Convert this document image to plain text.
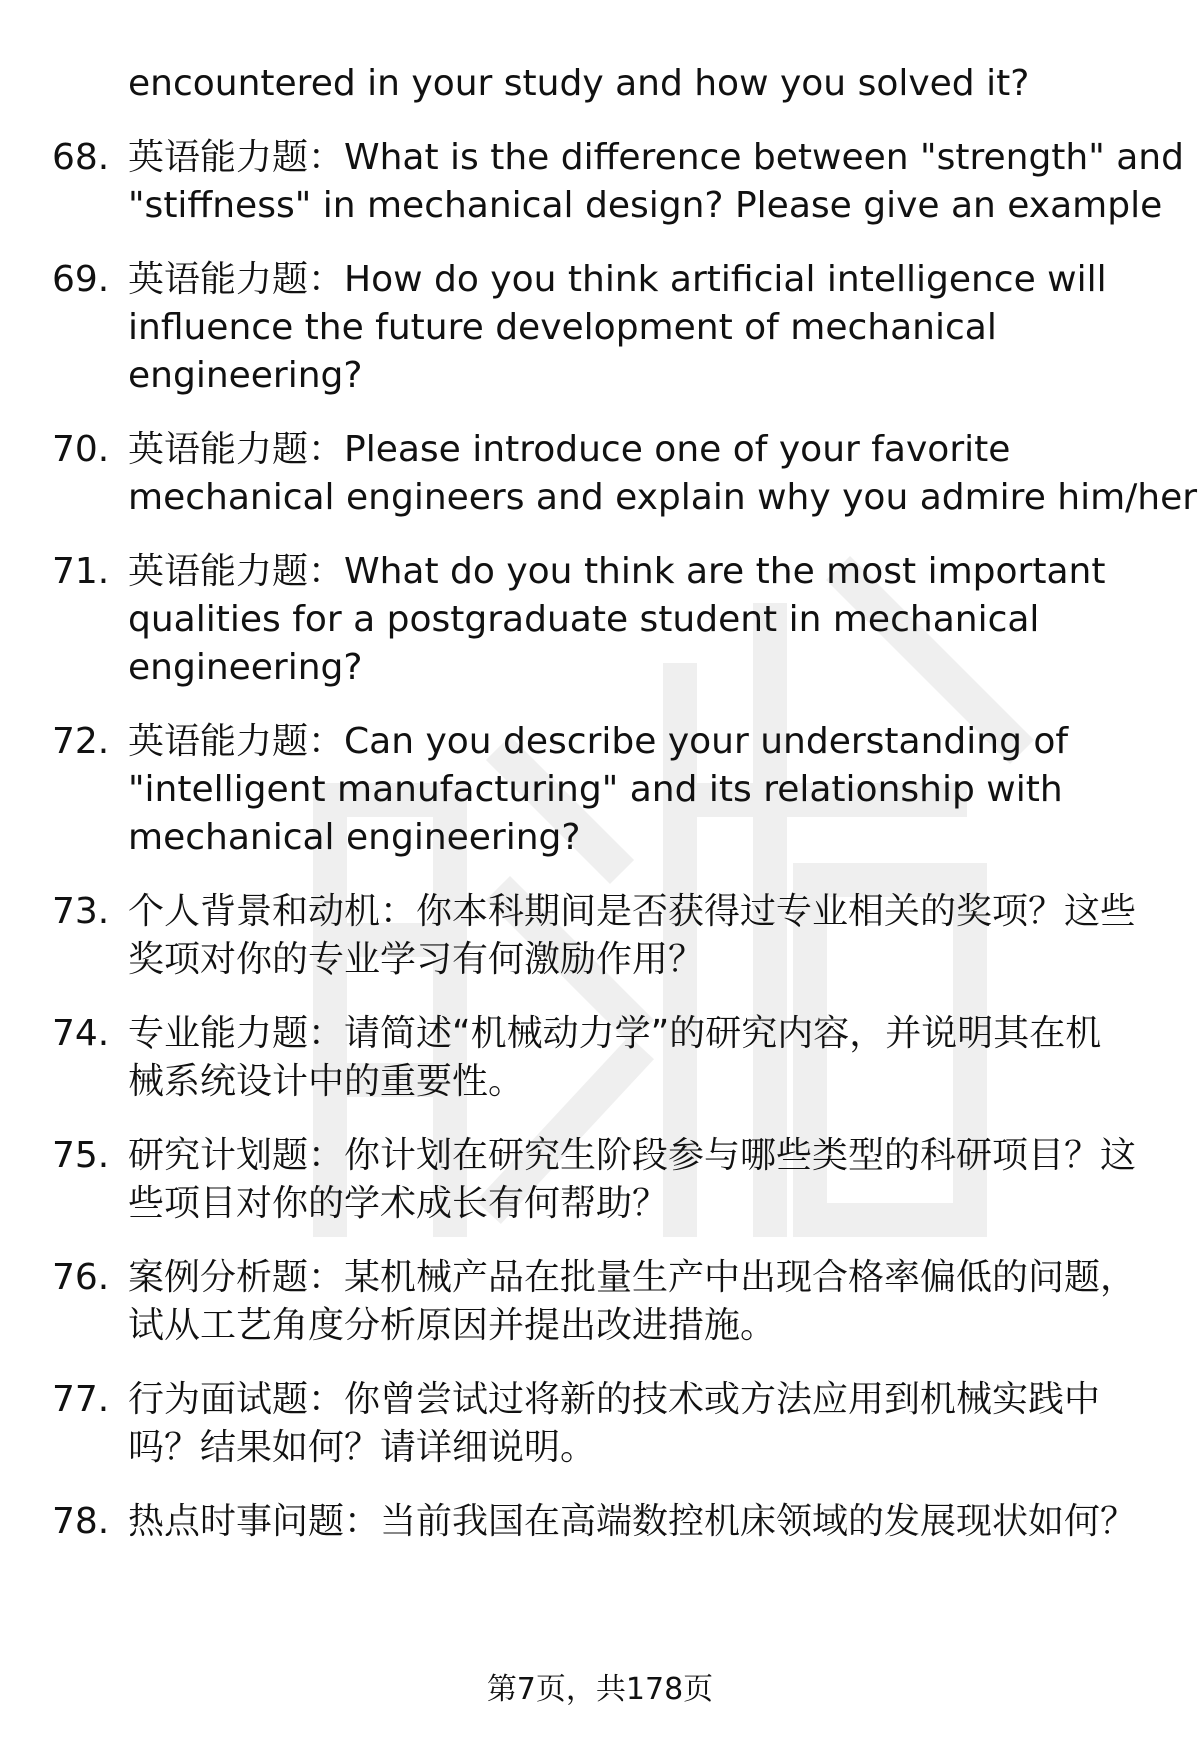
encountered in your study and how you solved it?
68. 英语能力题：What is the difference between "strength" and
"stiffness" in mechanical design? Please give an example
69. 英语能力题：How do you think artificial intelligence will
influence the future development of mechanical
engineering?
70. 英语能力题：Please introduce one of your favorite
mechanical engineers and explain why you admire him/her
71. 英语能力题：What do you think are the most important
qualities for a postgraduate student in mechanical
engineering?
72. 英语能力题：Can you describe your understanding of
"intelligent manufacturing" and its relationship with
mechanical engineering?
73. 个人背景和动机：你本科期间是否获得过专业相关的奖项？这些
奖项对你的专业学习有何激励作用？
74. 专业能力题：请简述“机械动力学”的研究内容，并说明其在机
械系统设计中的重要性。
75. 研究计划题：你计划在研究生阶段参与哪些类型的科研项目？这
些项目对你的学术成长有何帮助？
76. 案例分析题：某机械产品在批量生产中出现合格率偏低的问题，
试从工艺角度分析原因并提出改进措施。
77. 行为面试题：你曾尝试过将新的技术或方法应用到机械实践中
吗？结果如何？请详细说明。
78. 热点时事问题：当前我国在高端数控机床领域的发展现状如何？
第7页，共178页
